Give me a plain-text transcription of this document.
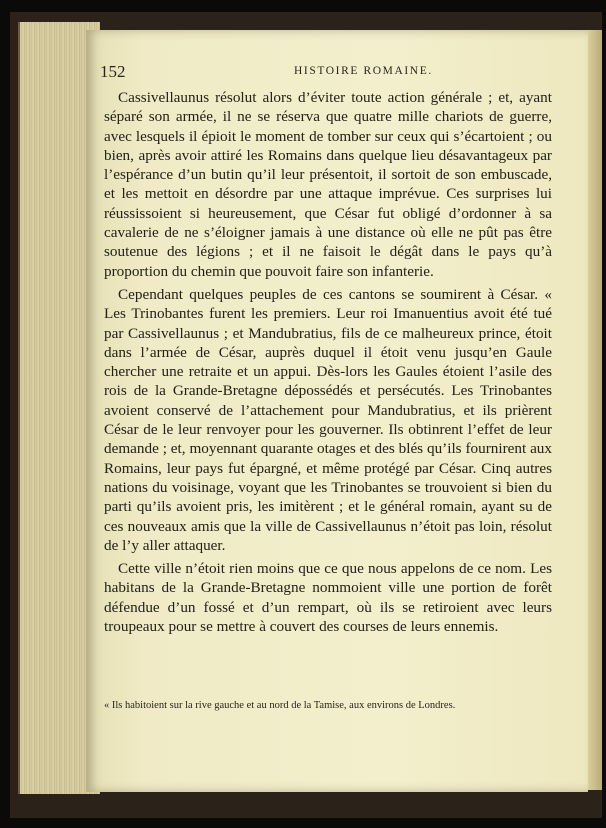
152	HISTOIRE ROMAINE.

Cassivellaunus résolut alors d’éviter toute action générale ; et, ayant séparé son armée, il ne se réserva que quatre mille chariots de guerre, avec lesquels il épioit le moment de tomber sur ceux qui s’écartoient ; ou bien, après avoir attiré les Romains dans quelque lieu désavantageux par l’espérance d’un butin qu’il leur présentoit, il sortoit de son embuscade, et les mettoit en désordre par une attaque imprévue. Ces surprises lui réussissoient si heureusement, que César fut obligé d’ordonner à sa cavalerie de ne s’éloigner jamais à une distance où elle ne pût pas être soutenue des légions ; et il ne faisoit le dégât dans le pays qu’à proportion du chemin que pouvoit faire son infanterie.

Cependant quelques peuples de ces cantons se soumirent à César. « Les Trinobantes furent les premiers. Leur roi Imanuentius avoit été tué par Cassivellaunus ; et Mandubratius, fils de ce malheureux prince, étoit dans l’armée de César, auprès duquel il étoit venu jusqu’en Gaule chercher une retraite et un appui. Dès-lors les Gaules étoient l’asile des rois de la Grande-Bretagne dépossédés et persécutés. Les Trinobantes avoient conservé de l’attachement pour Mandubratius, et ils prièrent César de le leur renvoyer pour les gouverner. Ils obtinrent l’effet de leur demande ; et, moyennant quarante otages et des blés qu’ils fournirent aux Romains, leur pays fut épargné, et même protégé par César. Cinq autres nations du voisinage, voyant que les Trinobantes se trouvoient si bien du parti qu’ils avoient pris, les imitèrent ; et le général romain, ayant su de ces nouveaux amis que la ville de Cassivellaunus n’étoit pas loin, résolut de l’y aller attaquer.

Cette ville n’étoit rien moins que ce que nous appelons de ce nom. Les habitans de la Grande-Bretagne nommoient ville une portion de forêt défendue d’un fossé et d’un rempart, où ils se retiroient avec leurs troupeaux pour se mettre à couvert des courses de leurs ennemis.

« Ils habitoient sur la rive gauche et au nord de la Tamise, aux environs de Londres.
